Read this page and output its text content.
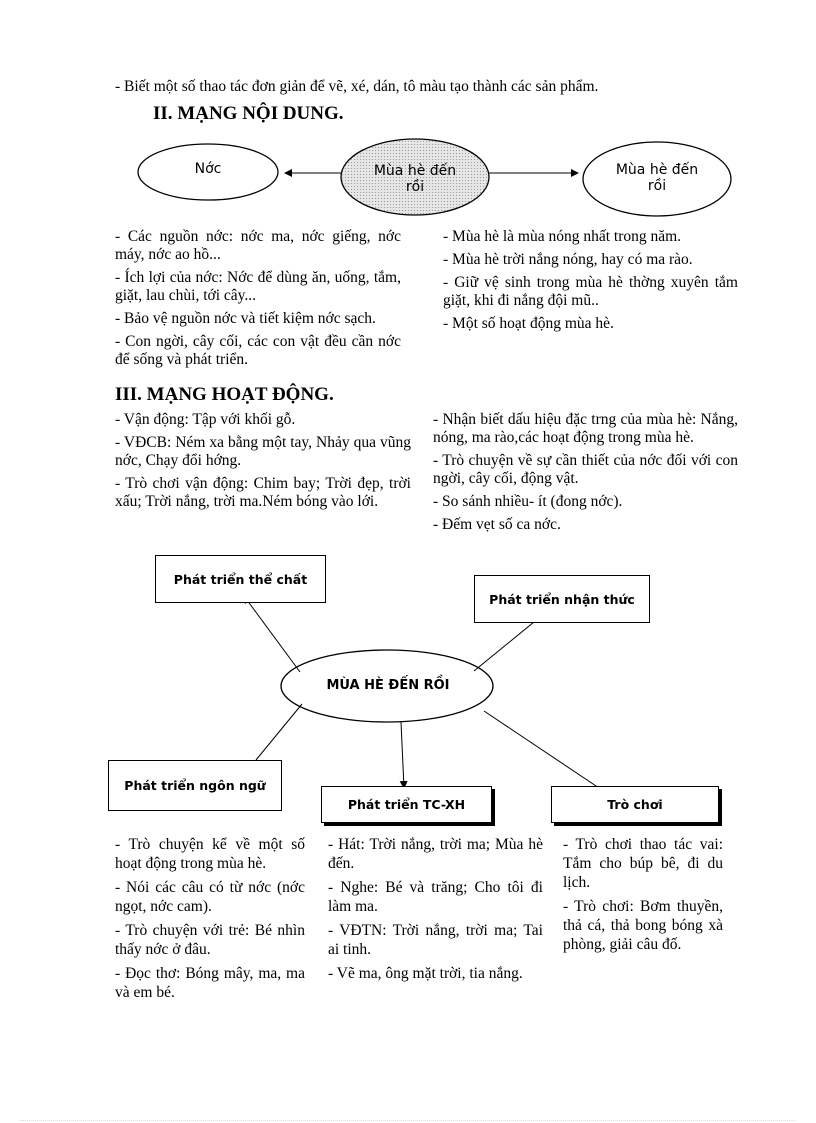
- Biết một số thao tác đơn giản để vẽ, xé, dán, tô màu tạo thành các sản phẩm.
II. MẠNG NỘI DUNG.
Nớc	Mùa hè đến rồi
Mùa hè đến rồi

- Các nguồn nớc: nớc ma, nớc giếng, nớc máy, nớc ao hồ...

- Ích lợi của nớc: Nớc để dùng ăn, uống, tắm, giặt, lau chùi, tới cây...

- Bảo vệ nguồn nớc và tiết kiệm nớc sạch.

- Con ngời, cây cối, các con vật đều cần nớc để sống và phát triển.

- Mùa hè là mùa nóng nhất trong năm.

- Mùa hè trời nắng nóng, hay có ma rào.

- Giữ vệ sinh trong mùa hè thờng xuyên tắm giặt, khi đi nắng đội mũ..

- Một số hoạt động mùa hè.

III. MẠNG HOẠT ĐỘNG.

- Vận động: Tập với khối gỗ.

- VĐCB: Ném xa bằng một tay, Nhảy qua vũng nớc, Chạy đổi hớng.

- Trò chơi vận động: Chim bay; Trời đẹp, trời xấu; Trời nắng, trời ma.Ném bóng vào lới.

- Nhận biết dấu hiệu đặc trng của mùa hè: Nắng, nóng, ma rào,các hoạt động trong mùa hè.

- Trò chuyện về sự cần thiết của nớc đối với con ngời, cây cối, động vật.

- So sánh nhiều- ít (đong nớc).

- Đếm vẹt số ca nớc.

Phát triển thể chất
Phát triển nhận thức
MÙA HÈ ĐẾN RỒI
Phát triển ngôn ngữ
Phát triển TC-XH	Trò chơi

- Trò chuyện kể về một số hoạt động trong mùa hè.

- Nói các câu có từ nớc (nớc ngọt, nớc cam).

- Trò chuyện với trẻ: Bé nhìn thấy nớc ở đâu.

- Đọc thơ: Bóng mây, ma, ma và em bé.

- Hát: Trời nắng, trời ma; Mùa hè đến.

- Nghe: Bé và trăng; Cho tôi đi làm ma.

- VĐTN: Trời nắng, trời ma; Tai ai tinh.

- Vẽ ma, ông mặt trời, tia nắng.

- Trò chơi thao tác vai: Tắm cho búp bê, đi du lịch.

- Trò chơi: Bơm thuyền, thả cá, thả bong bóng xà phòng, giải câu đố.
